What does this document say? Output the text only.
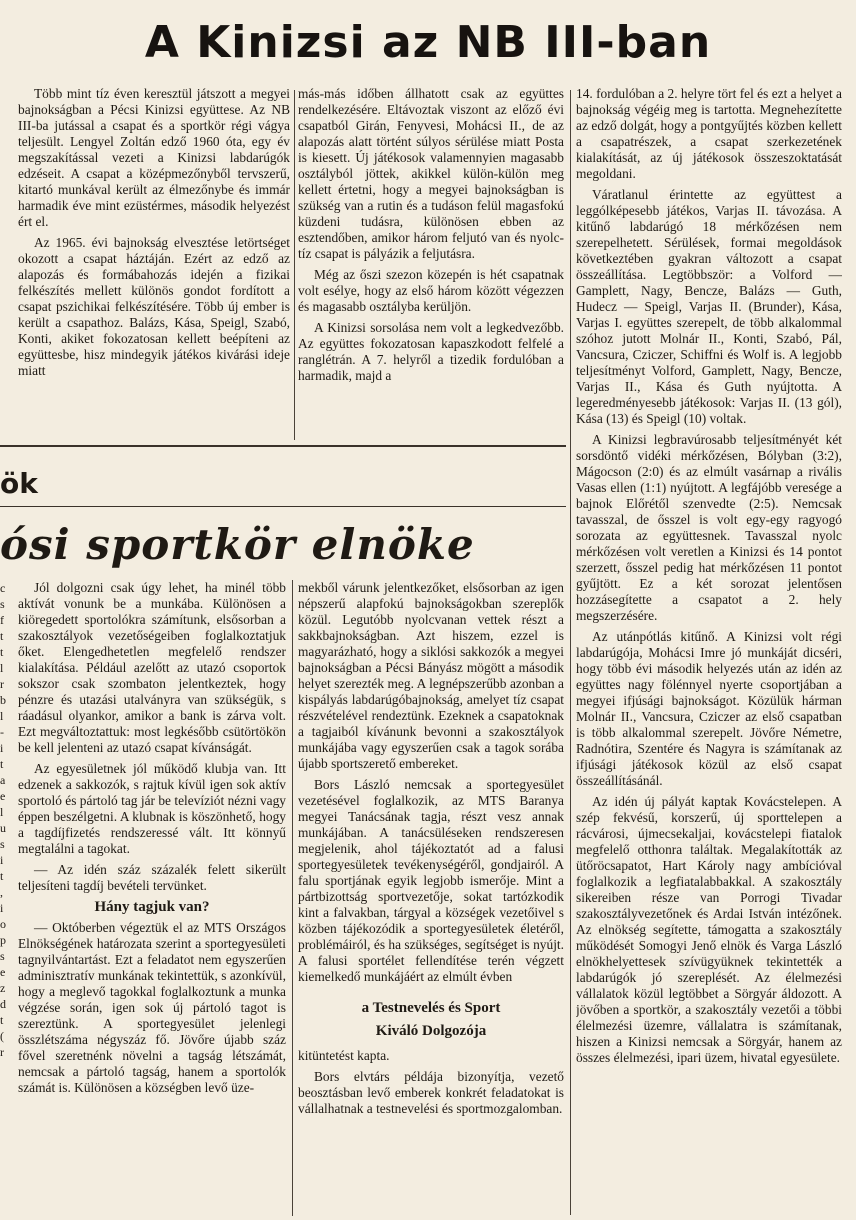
A Kinizsi az NB III-ban

Több mint tíz éven keresztül játszott a megyei bajnokságban a Pécsi Kinizsi együttese. Az NB III-ba jutással a csapat és a sportkör régi vágya teljesült. Lengyel Zoltán edző 1960 óta, egy év megszakítással vezeti a Kinizsi labdarúgók edzéseit. A csapat a középmezőnyből tervszerű, kitartó munkával került az élmezőnybe és immár harmadik éve mint ezüstérmes, második helyezést ért el.

Az 1965. évi bajnokság elvesztése letörtséget okozott a csapat háztáján. Ezért az edző az alapozás és formábahozás idején a fizikai felkészítés mellett különös gondot fordított a csapat pszichikai felkészítésére. Több új ember is került a csapathoz. Balázs, Kása, Speigl, Szabó, Konti, akiket fokozatosan kellett beépíteni az együttesbe, hisz mindegyik játékos kivárási ideje miatt

más-más időben állhatott csak az együttes rendelkezésére. Eltávoztak viszont az előző évi csapatból Girán, Fenyvesi, Mohácsi II., de az alapozás alatt történt súlyos sérülése miatt Posta is kiesett. Új játékosok valamennyien magasabb osztályból jöttek, akikkel külön-külön meg kellett értetni, hogy a megyei bajnokságban is szükség van a rutin és a tudáson felül magasfokú küzdeni tudásra, különösen ebben az esztendőben, amikor három feljutó van és nyolc-tíz csapat is pályázik a feljutásra.

Még az őszi szezon közepén is hét csapatnak volt esélye, hogy az első három között végezzen és magasabb osztályba kerüljön.

A Kinizsi sorsolása nem volt a legkedvezőbb. Az együttes fokozatosan kapaszkodott felfelé a ranglétrán. A 7. helyről a tizedik fordulóban a harmadik, majd a

14. fordulóban a 2. helyre tört fel és ezt a helyet a bajnokság végéig meg is tartotta. Megnehezítette az edző dolgát, hogy a pontgyűjtés közben kellett a csapatrészek, a csapat szerkezetének kialakítását, az új játékosok összeszoktatását megoldani.

Váratlanul érintette az együttest a leggólképesebb játékos, Varjas II. távozása. A kitűnő labdarúgó 18 mérkőzésen nem szerepelhetett. Sérülések, formai megoldások következtében gyakran változott a csapat összeállítása. Legtöbbször: a Volford — Gamplett, Nagy, Bencze, Balázs — Guth, Hudecz — Speigl, Varjas II. (Brunder), Kása, Varjas I. együttes szerepelt, de több alkalommal szóhoz jutott Molnár II., Konti, Szabó, Pál, Vancsura, Cziczer, Schiffni és Wolf is. A legjobb teljesítményt Volford, Gamplett, Nagy, Bencze, Varjas II., Kása és Guth nyújtotta. A legeredményesebb játékosok: Varjas II. (13 gól), Kása (13) és Speigl (10) voltak.

A Kinizsi legbravúrosabb teljesítményét két sorsdöntő vidéki mérkőzésen, Bólyban (3:2), Mágocson (2:0) és az elmúlt vasárnap a rivális Vasas ellen (1:1) nyújtott. A legfájóbb veresége a bajnok Előrétől szenvedte (2:5). Nemcsak tavasszal, de ősszel is volt egy-egy ragyogó sorozata az együttesnek. Tavasszal nyolc mérkőzésen volt veretlen a Kinizsi és 14 pontot szerzett, ősszel pedig hat mérkőzésen 11 pontot gyűjtött. Ez a két sorozat jelentősen hozzásegítette a csapatot a 2. hely megszerzésére.

Az utánpótlás kitűnő. A Kinizsi volt régi labdarúgója, Mohácsi Imre jó munkáját dicséri, hogy több évi második helyezés után az idén az együttes nagy fölénnyel nyerte csoportjában a megyei ifjúsági bajnokságot. Közülük hárman Molnár II., Vancsura, Cziczer az első csapatban is több alkalommal szerepelt. Jövőre Németre, Radnótira, Szentére és Nagyra is számítanak az ifjúsági játékosok közül az első csapat összeállításánál.

Az idén új pályát kaptak Kovácstelepen. A szép fekvésű, korszerű, új sporttelepen a rácvárosi, újmecsekaljai, kovácstelepi fiatalok megfelelő otthonra találtak. Megalakították az ütőröcsapatot, Hart Károly nagy ambícióval foglalkozik a legfiatalabbakkal. A szakosztály sikereiben része van Porrogi Tivadar szakosztályvezetőnek és Ardai István intézőnek. Az elnökség segítette, támogatta a szakosztály működését Somogyi Jenő elnök és Varga László elnökhelyettesek szívügyüknek tekintették a labdarúgók jó szereplését. Az élelmezési vállalatok közül legtöbbet a Sörgyár áldozott. A jövőben a sportkör, a szakosztály vezetői a többi élelmezési üzemre, vállalatra is számítanak, hiszen a Kinizsi nemcsak a Sörgyár, hanem az összes élelmezési, ipari üzem, hivatal egyesülete.

ök
ósi sportkör elnöke
c s f t t l r b l - i t a e l u s i t , i o p s e z d t ( r

Jól dolgozni csak úgy lehet, ha minél több aktívát vonunk be a munkába. Különösen a kiöregedett sportolókra számítunk, elsősorban a szakosztályok vezetőségeiben foglalkoztatjuk őket. Elengedhetetlen megfelelő rendszer kialakítása. Például azelőtt az utazó csoportok sokszor csak szombaton jelentkeztek, hogy pénzre és utazási utalványra van szükségük, s ráadásul olyankor, amikor a bank is zárva volt. Ezt megváltoztattuk: most legkésőbb csütörtökön be kell jelenteni az utazó csapat kívánságát.

Az egyesületnek jól működő klubja van. Itt edzenek a sakkozók, s rajtuk kívül igen sok aktív sportoló és pártoló tag jár be televíziót nézni vagy éppen beszélgetni. A klubnak is köszönhető, hogy a tagdíjfizetés rendszeressé vált. Itt könnyű megtalálni a tagokat.

— Az idén száz százalék felett sikerült teljesíteni tagdíj bevételi tervünket.

Hány tagjuk van?

— Októberben végeztük el az MTS Országos Elnökségének határozata szerint a sportegyesületi tagnyilvántartást. Ezt a feladatot nem egyszerűen adminisztratív munkának tekintettük, s azonkívül, hogy a meglevő tagokkal foglalkoztunk a munka végzése során, igen sok új pártoló tagot is szereztünk. A sportegyesület jelenlegi összlétszáma négyszáz fő. Jövőre újabb száz fővel szeretnénk növelni a tagság létszámát, nemcsak a pártoló tagság, hanem a sportolók számát is. Különösen a községben levő üze-

mekből várunk jelentkezőket, elsősorban az igen népszerű alapfokú bajnokságokban szereplők közül. Legutóbb nyolcvanan vettek részt a sakkbajnokságban. Azt hiszem, ezzel is magyarázható, hogy a siklósi sakkozók a megyei bajnokságban a Pécsi Bányász mögött a második helyet szerezték meg. A legnépszerűbb azonban a kispályás labdarúgóbajnokság, amelyet tíz csapat részvételével rendeztünk. Ezeknek a csapatoknak a tagjaiból kívánunk bevonni a szakosztályok munkájába vagy egyszerűen csak a tagok sorába újabb sportszerető embereket.

Bors László nemcsak a sportegyesület vezetésével foglalkozik, az MTS Baranya megyei Tanácsának tagja, részt vesz annak munkájában. A tanácsüléseken rendszeresen megjelenik, ahol tájékoztatót ad a falusi sportegyesületek tevékenységéről, gondjairól. A falu sportjának egyik legjobb ismerője. Mint a pártbizottság sportvezetője, sokat tartózkodik kint a falvakban, tárgyal a községek vezetőivel s közben tájékozódik a sportegyesületek életéről, problémáiról, és ha szükséges, segítséget is nyújt. A falusi sportélet fellendítése terén végzett kiemelkedő munkájáért az elmúlt évben

a Testnevelés és Sport

Kiváló Dolgozója

kitüntetést kapta.

Bors elvtárs példája bizonyítja, vezető beosztásban levő emberek konkrét feladatokat is vállalhatnak a testnevelési és sportmozgalomban.
